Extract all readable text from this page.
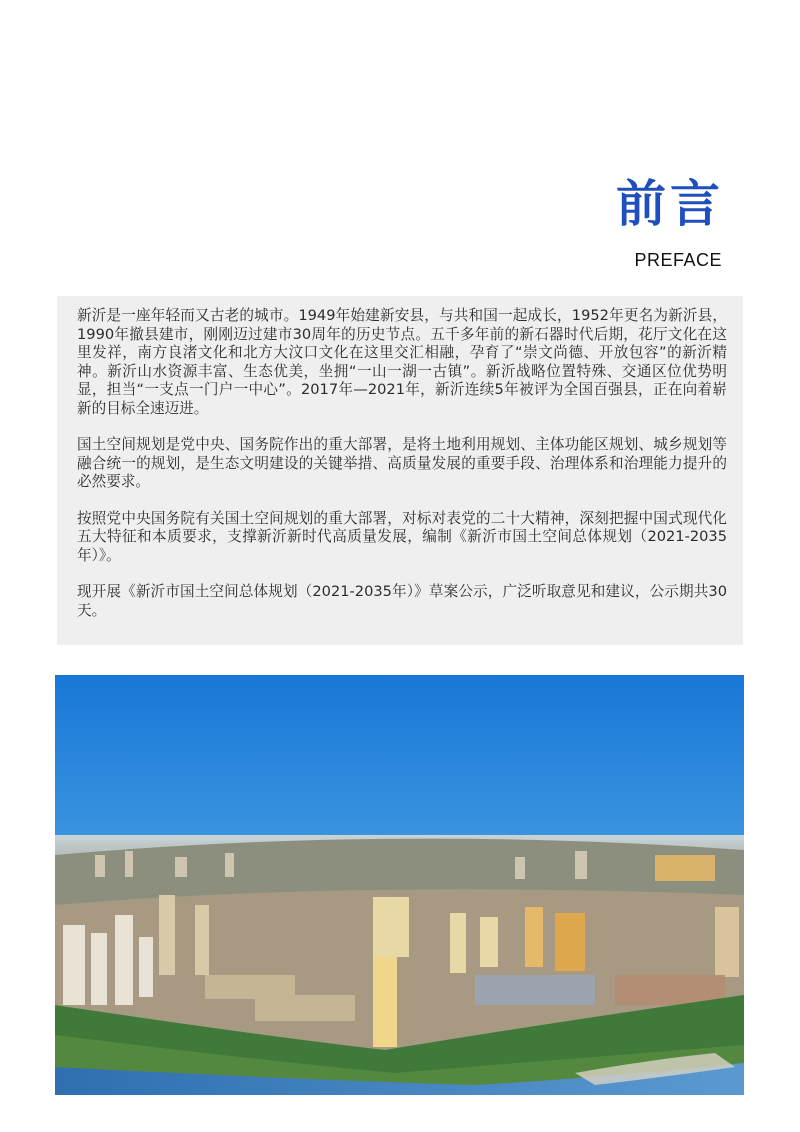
前言
PREFACE

新沂是一座年轻而又古老的城市。1949年始建新安县，与共和国一起成长，1952年更名为新沂县，1990年撤县建市，刚刚迈过建市30周年的历史节点。五千多年前的新石器时代后期，花厅文化在这里发祥，南方良渚文化和北方大汶口文化在这里交汇相融，孕育了“崇文尚德、开放包容”的新沂精神。新沂山水资源丰富、生态优美，坐拥“一山一湖一古镇”。新沂战略位置特殊、交通区位优势明显，担当“一支点一门户一中心”。2017年—2021年，新沂连续5年被评为全国百强县，正在向着崭新的目标全速迈进。

国土空间规划是党中央、国务院作出的重大部署，是将土地利用规划、主体功能区规划、城乡规划等融合统一的规划，是生态文明建设的关键举措、高质量发展的重要手段、治理体系和治理能力提升的必然要求。

按照党中央国务院有关国土空间规划的重大部署，对标对表党的二十大精神，深刻把握中国式现代化五大特征和本质要求，支撑新沂新时代高质量发展，编制《新沂市国土空间总体规划（2021-2035年）》。

现开展《新沂市国土空间总体规划（2021-2035年）》草案公示，广泛听取意见和建议，公示期共30天。
